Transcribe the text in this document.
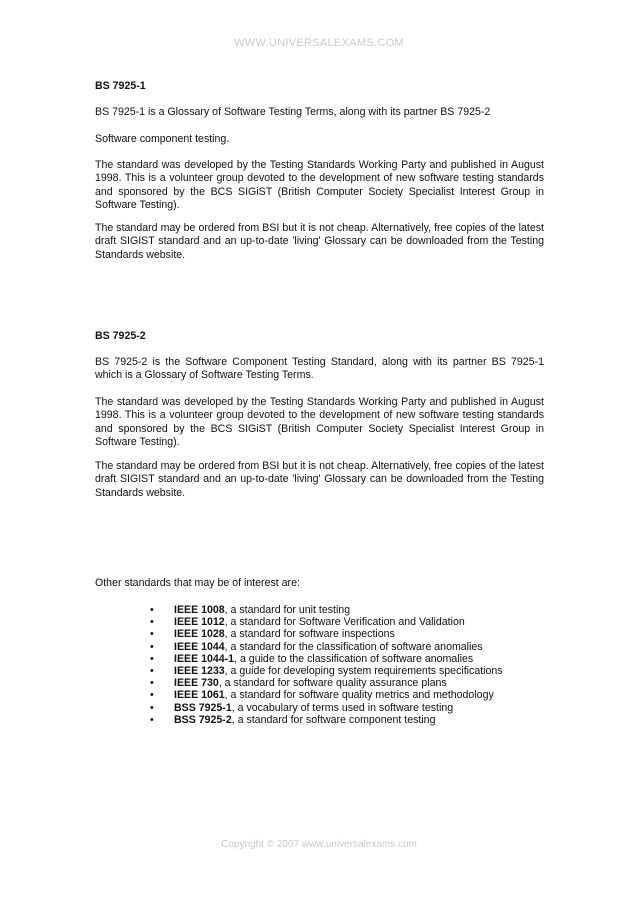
WWW.UNIVERSALEXAMS.COM
BS 7925-1
BS 7925-1 is a Glossary of Software Testing Terms, along with its partner BS 7925-2
Software component testing.
The standard was developed by the Testing Standards Working Party and published in August 1998. This is a volunteer group devoted to the development of new software testing standards and sponsored by the BCS SIGiST (British Computer Society Specialist Interest Group in Software Testing).
The standard may be ordered from BSI but it is not cheap. Alternatively, free copies of the latest draft SIGIST standard and an up-to-date 'living' Glossary can be downloaded from the Testing Standards website.
BS 7925-2
BS 7925-2 is the Software Component Testing Standard, along with its partner BS 7925-1 which is a Glossary of Software Testing Terms.
The standard was developed by the Testing Standards Working Party and published in August 1998. This is a volunteer group devoted to the development of new software testing standards and sponsored by the BCS SIGiST (British Computer Society Specialist Interest Group in Software Testing).
The standard may be ordered from BSI but it is not cheap. Alternatively, free copies of the latest draft SIGIST standard and an up-to-date 'living' Glossary can be downloaded from the Testing Standards website.
Other standards that may be of interest are:
• IEEE 1008, a standard for unit testing
• IEEE 1012, a standard for Software Verification and Validation
• IEEE 1028, a standard for software inspections
• IEEE 1044, a standard for the classification of software anomalies
• IEEE 1044-1, a guide to the classification of software anomalies
• IEEE 1233, a guide for developing system requirements specifications
• IEEE 730, a standard for software quality assurance plans
• IEEE 1061, a standard for software quality metrics and methodology
• BSS 7925-1, a vocabulary of terms used in software testing
• BSS 7925-2, a standard for software component testing
Copyright © 2007 www.universalexams.com
